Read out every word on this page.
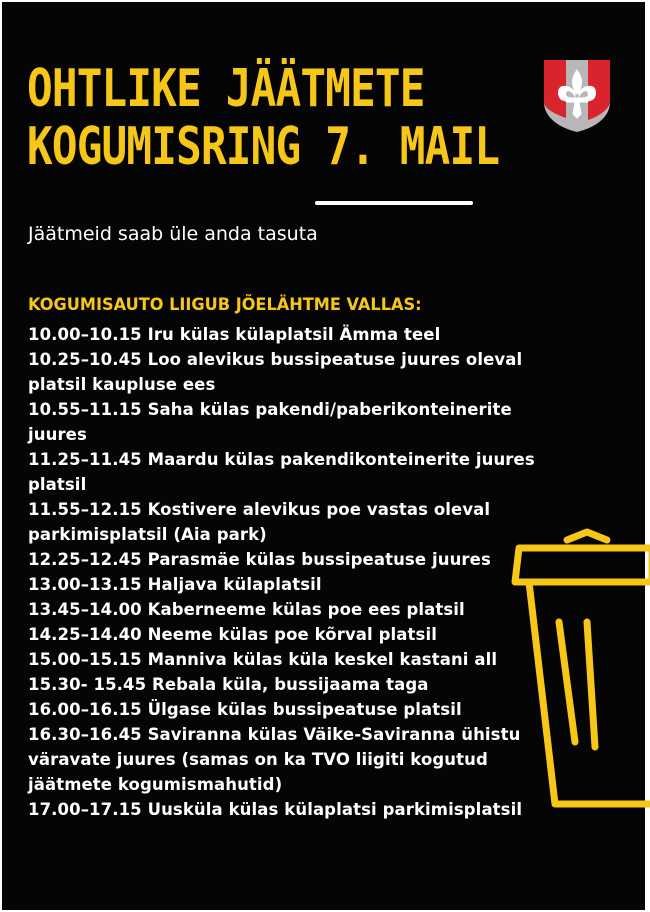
OHTLIKE JÄÄTMETE
KOGUMISRING 7. MAIL

Jäätmeid saab üle anda tasuta

KOGUMISAUTO LIIGUB JÕELÄHTME VALLAS:
10.00–10.15 Iru külas külaplatsil Ämma teel
10.25–10.45 Loo alevikus bussipeatuse juures oleval platsil kaupluse ees
10.55–11.15 Saha külas pakendi/paberikonteinerite juures
11.25–11.45 Maardu külas pakendikonteinerite juures platsil
11.55–12.15 Kostivere alevikus poe vastas oleval parkimisplatsil (Aia park)
12.25–12.45 Parasmäe külas bussipeatuse juures
13.00–13.15 Haljava külaplatsil
13.45–14.00 Kaberneeme külas poe ees platsil
14.25–14.40 Neeme külas poe kõrval platsil
15.00–15.15 Manniva külas küla keskel kastani all
15.30- 15.45 Rebala küla, bussijaama taga
16.00–16.15 Ülgase külas bussipeatuse platsil
16.30–16.45 Saviranna külas Väike-Saviranna ühistu väravate juures (samas on ka TVO liigiti kogutud jäätmete kogumismahutid)
17.00–17.15 Uusküla külas külaplatsi parkimisplatsil
